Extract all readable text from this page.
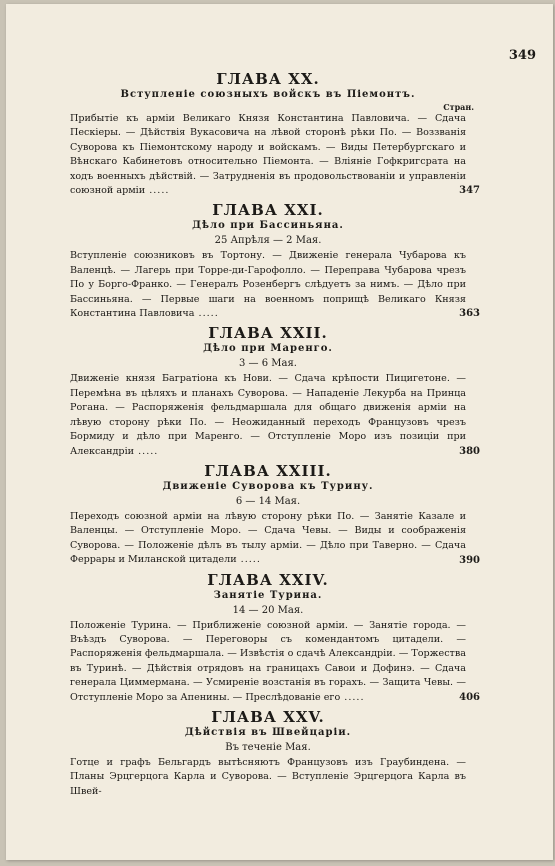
349
ГЛАВА ХХ.
Вступленіе союзныхъ войскъ въ Піемонтъ.
Стран.

Прибытіе къ арміи Великаго Князя Константина Павловича. — Сдача Пескіеры. — Дѣйствія Вукасовича на лѣвой сторонѣ рѣки По. — Воззванія Суворова къ Піемонтскому народу и войскамъ. — Виды Петербургскаго и Вѣнскаго Кабинетовъ относительно Піемонта. — Вліяніе Гофкригсрата на ходъ военныхъ дѣйствій. — Затрудненія въ продовольствованіи и управленіи союзной арміи .....	347
ГЛАВА XXI.
Дѣло при Бассиньяна.
25 Апрѣля — 2 Мая.

Вступленіе союзниковъ въ Тортону. — Движеніе генерала Чубарова къ Валенцѣ. — Лагерь при Торре-ди-Гарофолло. — Переправа Чубарова чрезъ По у Борго-Франко. — Генералъ Розенбергъ слѣдуетъ за нимъ. — Дѣло при Бассиньяна. — Первые шаги на военномъ поприщѣ Великаго Князя Константина Павловича .....	363
ГЛАВА XXII.
Дѣло при Маренго.
3 — 6 Мая.

Движеніе князя Багратіона къ Нови. — Сдача крѣпости Пицигетоне. — Перемѣна въ цѣляхъ и планахъ Суворова. — Нападеніе Лекурба на Принца Рогана. — Распоряженія фельдмаршала для общаго движенія арміи на лѣвую сторону рѣки По. — Неожиданный переходъ Французовъ чрезъ Бормиду и дѣло при Маренго. — Отступленіе Моро изъ позиціи при Александріи .....	380
ГЛАВА XXIII.
Движеніе Суворова къ Турину.
6 — 14 Мая.

Переходъ союзной арміи на лѣвую сторону рѣки По. — Занятіе Казале и Валенцы. — Отступленіе Моро. — Сдача Чевы. — Виды и соображенія Суворова. — Положеніе дѣлъ въ тылу арміи. — Дѣло при Таверно. — Сдача Феррары и Миланской цитадели .....	390
ГЛАВА XXIV.
Занятіе Турина.
14 — 20 Мая.

Положеніе Турина. — Приближеніе союзной арміи. — Занятіе города. — Въѣздъ Суворова. — Переговоры съ комендантомъ цитадели. — Распоряженія фельдмаршала. — Извѣстія о сдачѣ Александріи. — Торжества въ Туринѣ. — Дѣйствія отрядовъ на границахъ Савои и Дофинэ. — Сдача генерала Циммермана. — Усмиреніе возстанія въ горахъ. — Защита Чевы. — Отступленіе Моро за Апенины. — Преслѣдованіе его .....	406
ГЛАВА XXV.
Дѣйствія въ Швейцаріи.
Въ теченіе Мая.

Готце и графъ Бельгардъ вытѣсняютъ Французовъ изъ Граубиндена. — Планы Эрцгерцога Карла и Суворова. — Вступленіе Эрцгерцога Карла въ Швей-
